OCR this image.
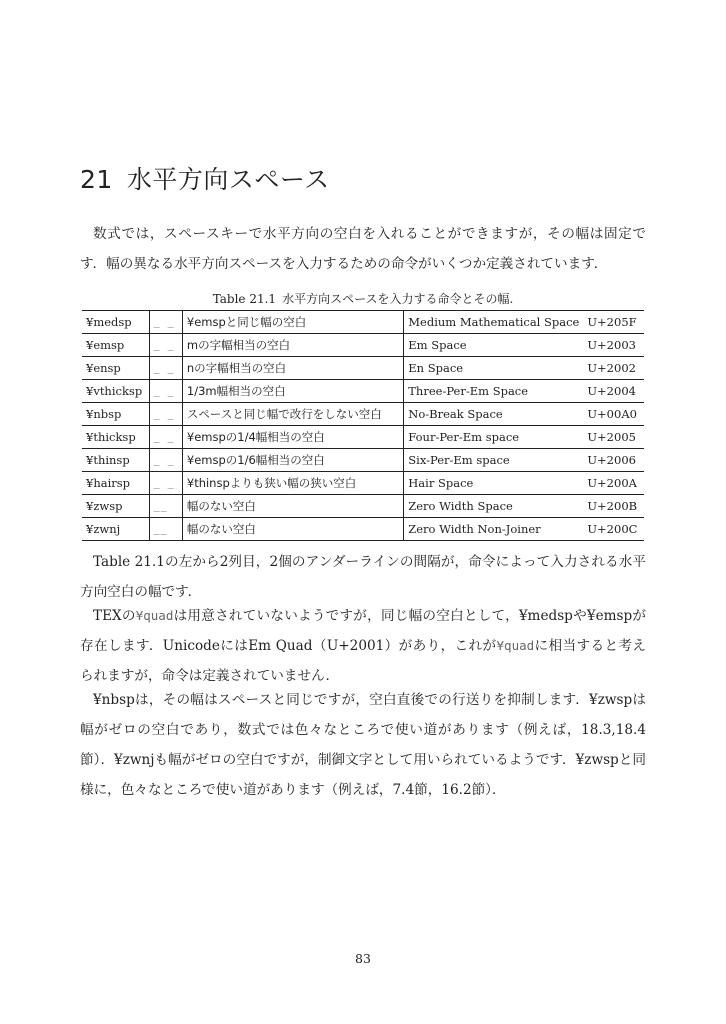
21 水平方向スペース

数式では，スペースキーで水平方向の空白を入れることができますが，その幅は固定です．幅の異なる水平方向スペースを入力するための命令がいくつか定義されています．

Table 21.1 水平方向スペースを入力する命令とその幅.

¥medsp	_ _	¥emspと同じ幅の空白	Medium Mathematical Space	U+205F
¥emsp	_ _	mの字幅相当の空白	Em Space	U+2003
¥ensp	_ _	nの字幅相当の空白	En Space	U+2002
¥vthicksp	_ _	1/3m幅相当の空白	Three-Per-Em Space	U+2004
¥nbsp	_ _	スペースと同じ幅で改行をしない空白	No-Break Space	U+00A0
¥thicksp	_ _	¥emspの1/4幅相当の空白	Four-Per-Em space	U+2005
¥thinsp	_ _	¥emspの1/6幅相当の空白	Six-Per-Em space	U+2006
¥hairsp	_ _	¥thinspよりも狭い幅の狭い空白	Hair Space	U+200A
¥zwsp	__	幅のない空白	Zero Width Space	U+200B
¥zwnj	__	幅のない空白	Zero Width Non-Joiner	U+200C

Table 21.1の左から2列目，2個のアンダーラインの間隔が，命令によって入力される水平方向空白の幅です．

TEXの¥quadは用意されていないようですが，同じ幅の空白として，¥medspや¥emspが存在します．UnicodeにはEm Quad（U+2001）があり，これが¥quadに相当すると考えられますが，命令は定義されていません．

¥nbspは，その幅はスペースと同じですが，空白直後での行送りを抑制します．¥zwspは幅がゼロの空白であり，数式では色々なところで使い道があります（例えば，18.3,18.4節）．¥zwnjも幅がゼロの空白ですが，制御文字として用いられているようです．¥zwspと同様に，色々なところで使い道があります（例えば，7.4節，16.2節）．

83
